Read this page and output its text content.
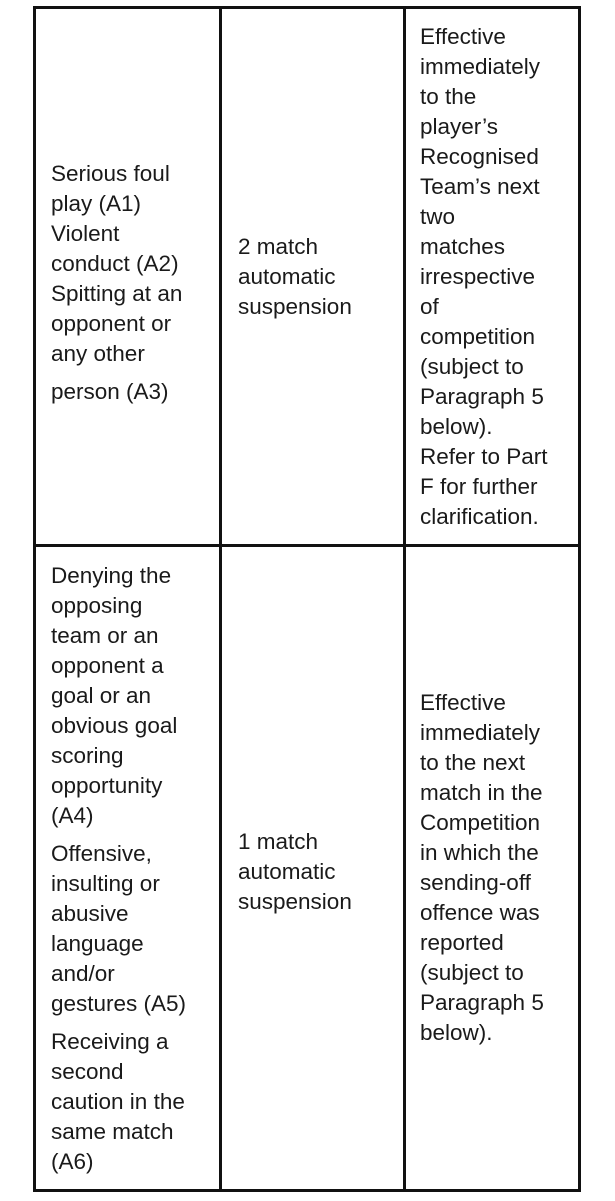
Serious foul
play (A1)
Violent
conduct (A2)
Spitting at an
opponent or
any other
person (A3)
2 match
automatic
suspension
Effective
immediately
to the
player’s
Recognised
Team’s next
two
matches
irrespective
of
competition
(subject to
Paragraph 5
below).
Refer to Part
F for further
clarification.
Denying the
opposing
team or an
opponent a
goal or an
obvious goal
scoring
opportunity
(A4)
Offensive,
insulting or
abusive
language
and/or
gestures (A5)
Receiving a
second
caution in the
same match
(A6)
1 match
automatic
suspension
Effective
immediately
to the next
match in the
Competition
in which the
sending-off
offence was
reported
(subject to
Paragraph 5
below).
